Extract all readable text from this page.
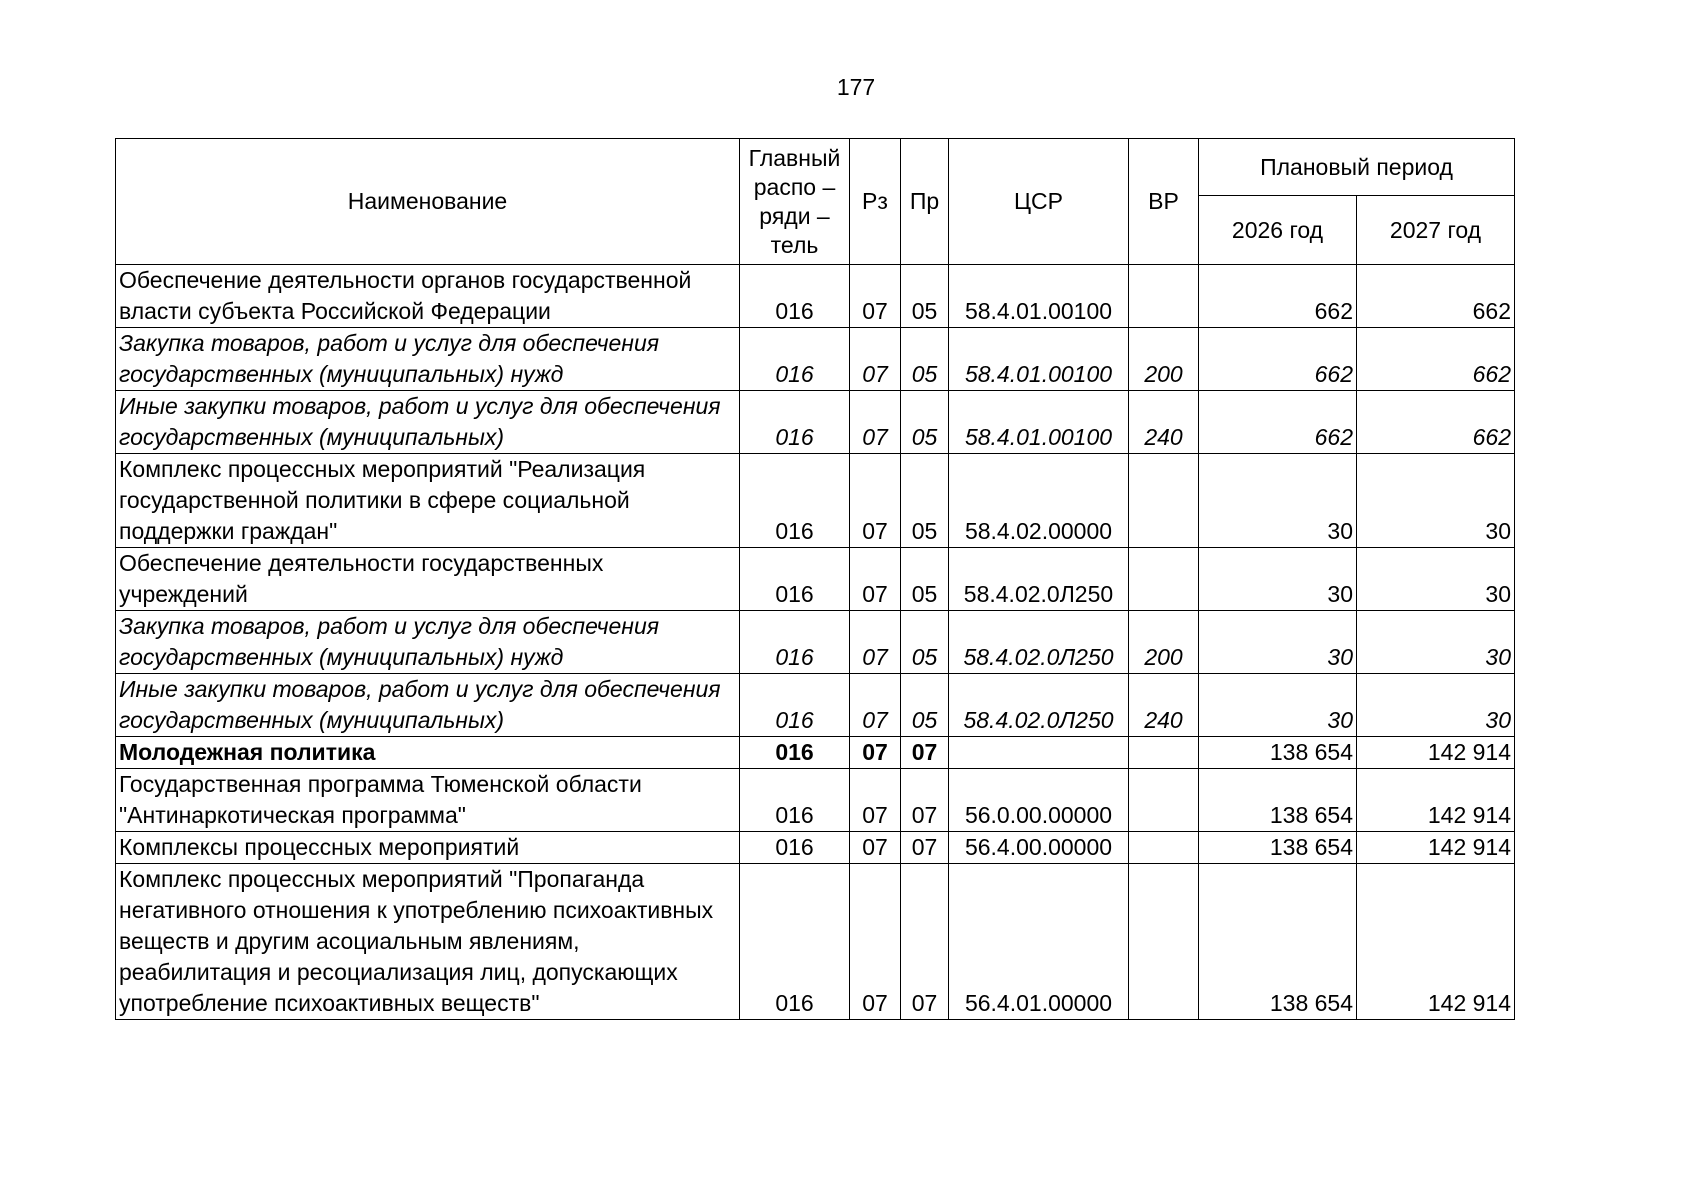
177
Наименование	Главный
распо –
ряди –
тель	Рз	Пр	ЦСР	ВР	Плановый период	
						2026 год	2027 год
Обеспечение деятельности органов государственной власти субъекта Российской Федерации	016	07	05	58.4.01.00100		662	662
Закупка товаров, работ и услуг для обеспечения государственных (муниципальных) нужд	016	07	05	58.4.01.00100	200	662	662
Иные закупки товаров, работ и услуг для обеспечения государственных (муниципальных)	016	07	05	58.4.01.00100	240	662	662
Комплекс процессных мероприятий "Реализация государственной политики в сфере социальной поддержки граждан"	016	07	05	58.4.02.00000		30	30
Обеспечение деятельности государственных учреждений	016	07	05	58.4.02.0Л250		30	30
Закупка товаров, работ и услуг для обеспечения государственных (муниципальных) нужд	016	07	05	58.4.02.0Л250	200	30	30
Иные закупки товаров, работ и услуг для обеспечения государственных (муниципальных)	016	07	05	58.4.02.0Л250	240	30	30
Молодежная политика	016	07	07			138 654	142 914
Государственная программа Тюменской области "Антинаркотическая программа"	016	07	07	56.0.00.00000		138 654	142 914
Комплексы процессных мероприятий	016	07	07	56.4.00.00000		138 654	142 914
Комплекс процессных мероприятий "Пропаганда негативного отношения к употреблению психоактивных веществ и другим асоциальным явлениям, реабилитация и ресоциализация лиц, допускающих употребление психоактивных веществ"	016	07	07	56.4.01.00000		138 654	142 914
